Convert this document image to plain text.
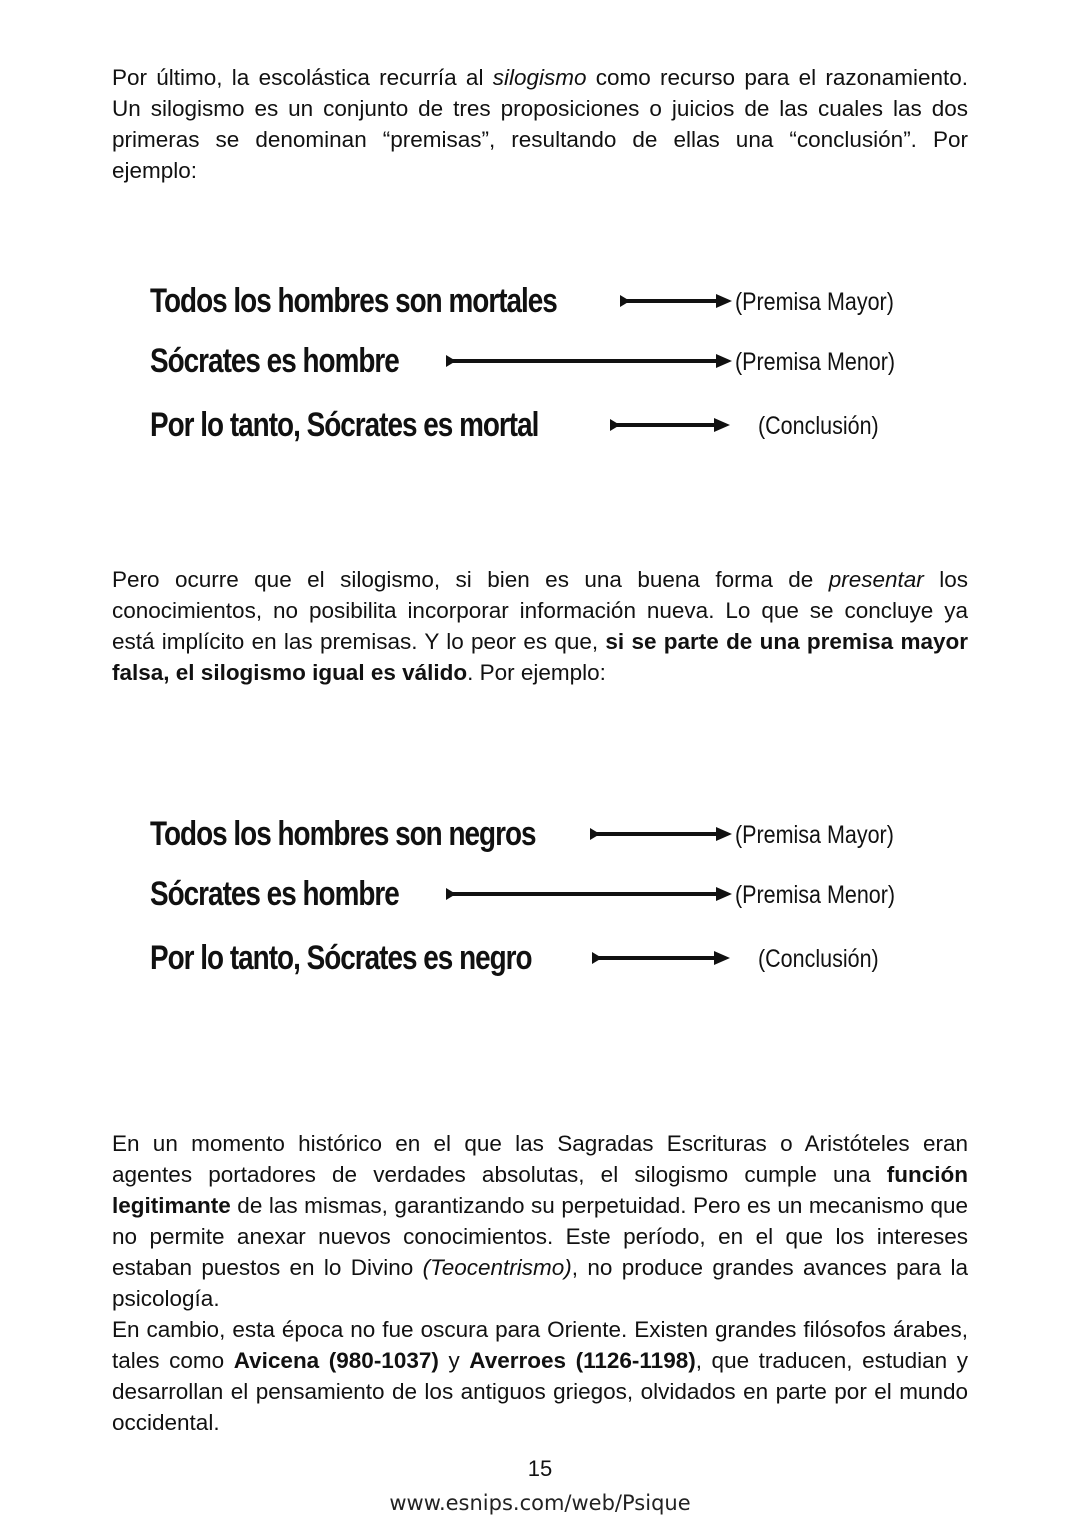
Por último, la escolástica recurría al silogismo como recurso para el razonamiento. Un silogismo es un conjunto de tres proposiciones o juicios de las cuales las dos primeras se denominan “premisas”, resultando de ellas una “conclusión”. Por ejemplo:

Todos los hombres son mortales	(Premisa Mayor)
Sócrates es hombre	(Premisa Menor)
Por lo tanto, Sócrates es mortal	(Conclusión)

Pero ocurre que el silogismo, si bien es una buena forma de presentar los conocimientos, no posibilita incorporar información nueva. Lo que se concluye ya está implícito en las premisas. Y lo peor es que, si se parte de una premisa mayor falsa, el silogismo igual es válido. Por ejemplo:

Todos los hombres son negros	(Premisa Mayor)
Sócrates es hombre	(Premisa Menor)
Por lo tanto, Sócrates es negro	(Conclusión)

En un momento histórico en el que las Sagradas Escrituras o Aristóteles eran agentes portadores de verdades absolutas, el silogismo cumple una función legitimante de las mismas, garantizando su perpetuidad. Pero es un mecanismo que no permite anexar nuevos conocimientos. Este período, en el que los intereses estaban puestos en lo Divino (Teocentrismo), no produce grandes avances para la psicología.

En cambio, esta época no fue oscura para Oriente. Existen grandes filósofos árabes, tales como Avicena (980-1037) y Averroes (1126-1198), que traducen, estudian y desarrollan el pensamiento de los antiguos griegos, olvidados en parte por el mundo occidental.

15
www.esnips.com/web/Psique
